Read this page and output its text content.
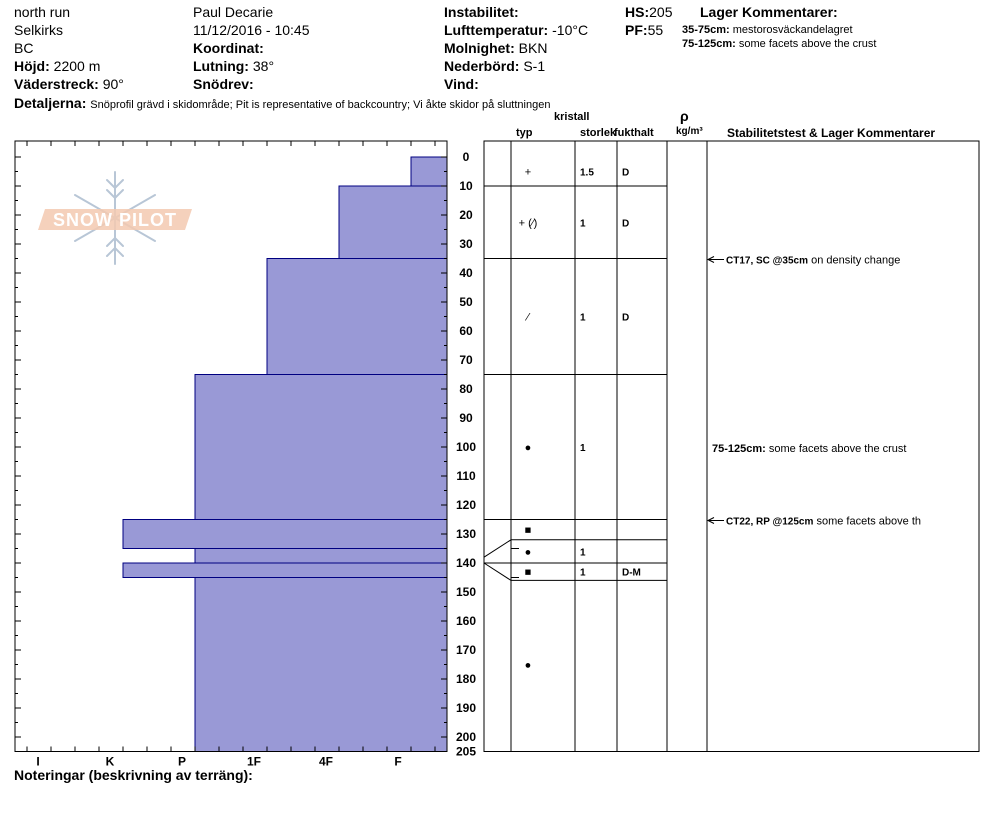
north run
Selkirks
BC
Höjd: 2200 m
Väderstreck: 90°
Paul Decarie
11/12/2016 - 10:45
Koordinat:
Lutning: 38°
Snödrev:
Instabilitet:
Lufttemperatur: -10°C
Molnighet: BKN
Nederbörd: S-1
Vind:
HS:205
PF:55
Lager Kommentarer:
35-75cm: mestorosväckandelagret
75-125cm: some facets above the crust
Detaljerna: Snöprofil grävd i skidområde; Pit is representative of backcountry; Vi åkte skidor på sluttningen
kristall
typ	storlek
fukthalt
ρ
kg/m³ Stabilitetstest & Lager Kommentarer
I	K	P	1F	4F	F
0
10
20
30
40
50
60
70
80
90
100
110
120
130
140
150
160
170
180
190
200
205
+	1.5	D
+ (⁄)	1	D
⁄	1	D
●	1
■
●	1
■	1	D-M
●
CT17, SC @35cm on density change
75-125cm: some facets above the crust
CT22, RP @125cm some facets above th
SNOW PILOT
Noteringar (beskrivning av terräng):
